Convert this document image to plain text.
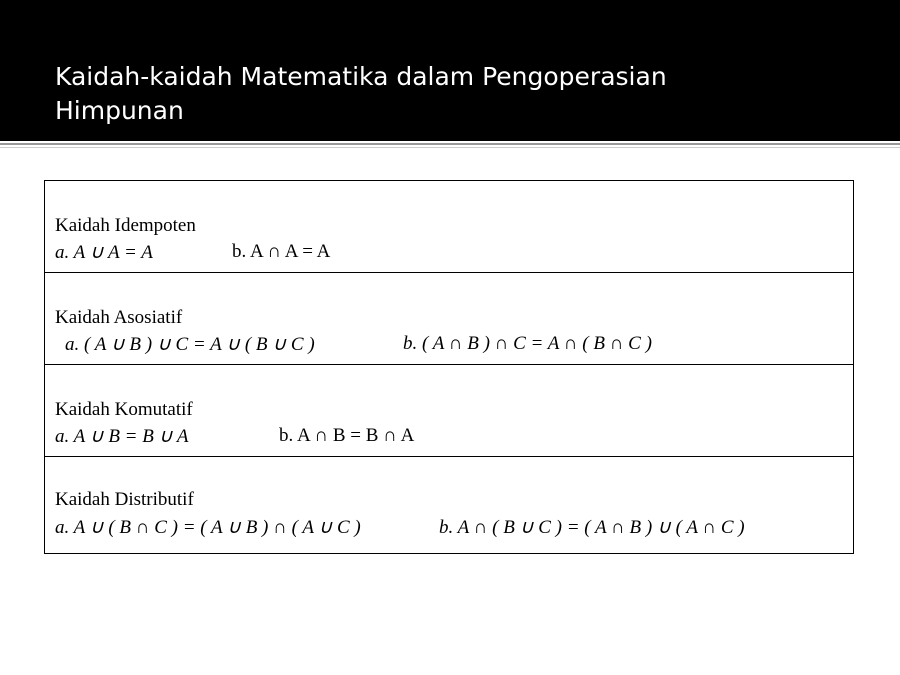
Kaidah-kaidah Matematika dalam Pengoperasian
Himpunan
Kaidah Idempoten
a. A ∪ A = A	b. A ∩ A = A
Kaidah Asosiatif
a. ( A ∪ B ) ∪ C = A ∪ ( B ∪ C )	b. ( A ∩ B ) ∩ C = A ∩ ( B ∩ C )
Kaidah Komutatif
a. A ∪ B = B ∪ A	b. A ∩ B = B ∩ A
Kaidah Distributif
a. A ∪ ( B ∩ C ) = ( A ∪ B ) ∩ ( A ∪ C )	b. A ∩ ( B ∪ C ) = ( A ∩ B ) ∪ ( A ∩ C )
